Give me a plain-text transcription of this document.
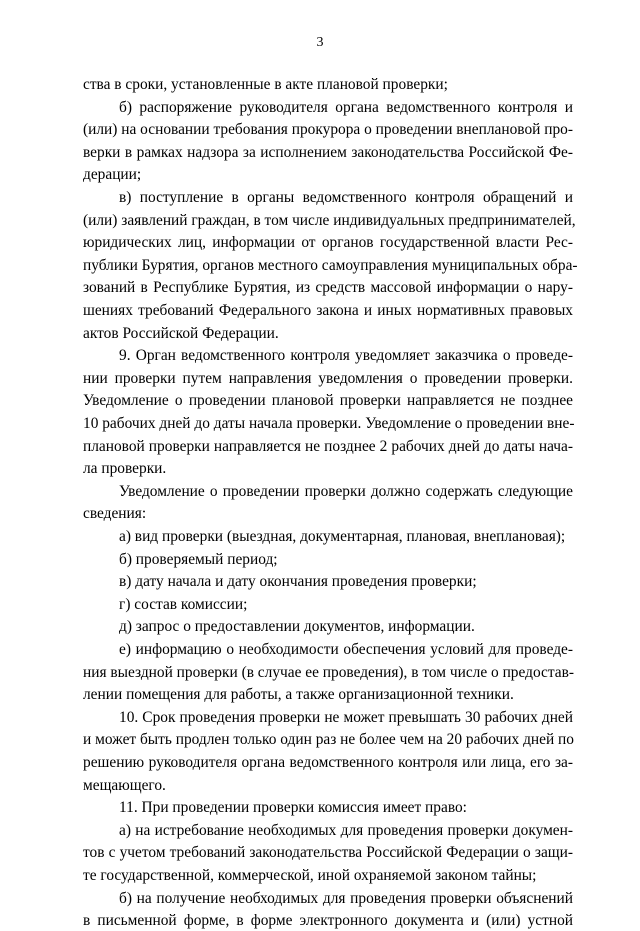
3
ства в сроки, установленные в акте плановой проверки;
б) распоряжение руководителя органа ведомственного контроля и
(или) на основании требования прокурора о проведении внеплановой про-
верки в рамках надзора за исполнением законодательства Российской Фе-
дерации;
в) поступление в органы ведомственного контроля обращений и
(или) заявлений граждан, в том числе индивидуальных предпринимателей,
юридических лиц, информации от органов государственной власти Рес-
публики Бурятия, органов местного самоуправления муниципальных обра-
зований в Республике Бурятия, из средств массовой информации о нару-
шениях требований Федерального закона и иных нормативных правовых
актов Российской Федерации.
9. Орган ведомственного контроля уведомляет заказчика о проведе-
нии проверки путем направления уведомления о проведении проверки.
Уведомление о проведении плановой проверки направляется не позднее
10 рабочих дней до даты начала проверки. Уведомление о проведении вне-
плановой проверки направляется не позднее 2 рабочих дней до даты нача-
ла проверки.
Уведомление о проведении проверки должно содержать следующие
сведения:
а) вид проверки (выездная, документарная, плановая, внеплановая);
б) проверяемый период;
в) дату начала и дату окончания проведения проверки;
г) состав комиссии;
д) запрос о предоставлении документов, информации.
е) информацию о необходимости обеспечения условий для проведе-
ния выездной проверки (в случае ее проведения), в том числе о предостав-
лении помещения для работы, а также организационной техники.
10. Срок проведения проверки не может превышать 30 рабочих дней
и может быть продлен только один раз не более чем на 20 рабочих дней по
решению руководителя органа ведомственного контроля или лица, его за-
мещающего.
11. При проведении проверки комиссия имеет право:
а) на истребование необходимых для проведения проверки докумен-
тов с учетом требований законодательства Российской Федерации о защи-
те государственной, коммерческой, иной охраняемой законом тайны;
б) на получение необходимых для проведения проверки объяснений
в письменной форме, в форме электронного документа и (или) устной
